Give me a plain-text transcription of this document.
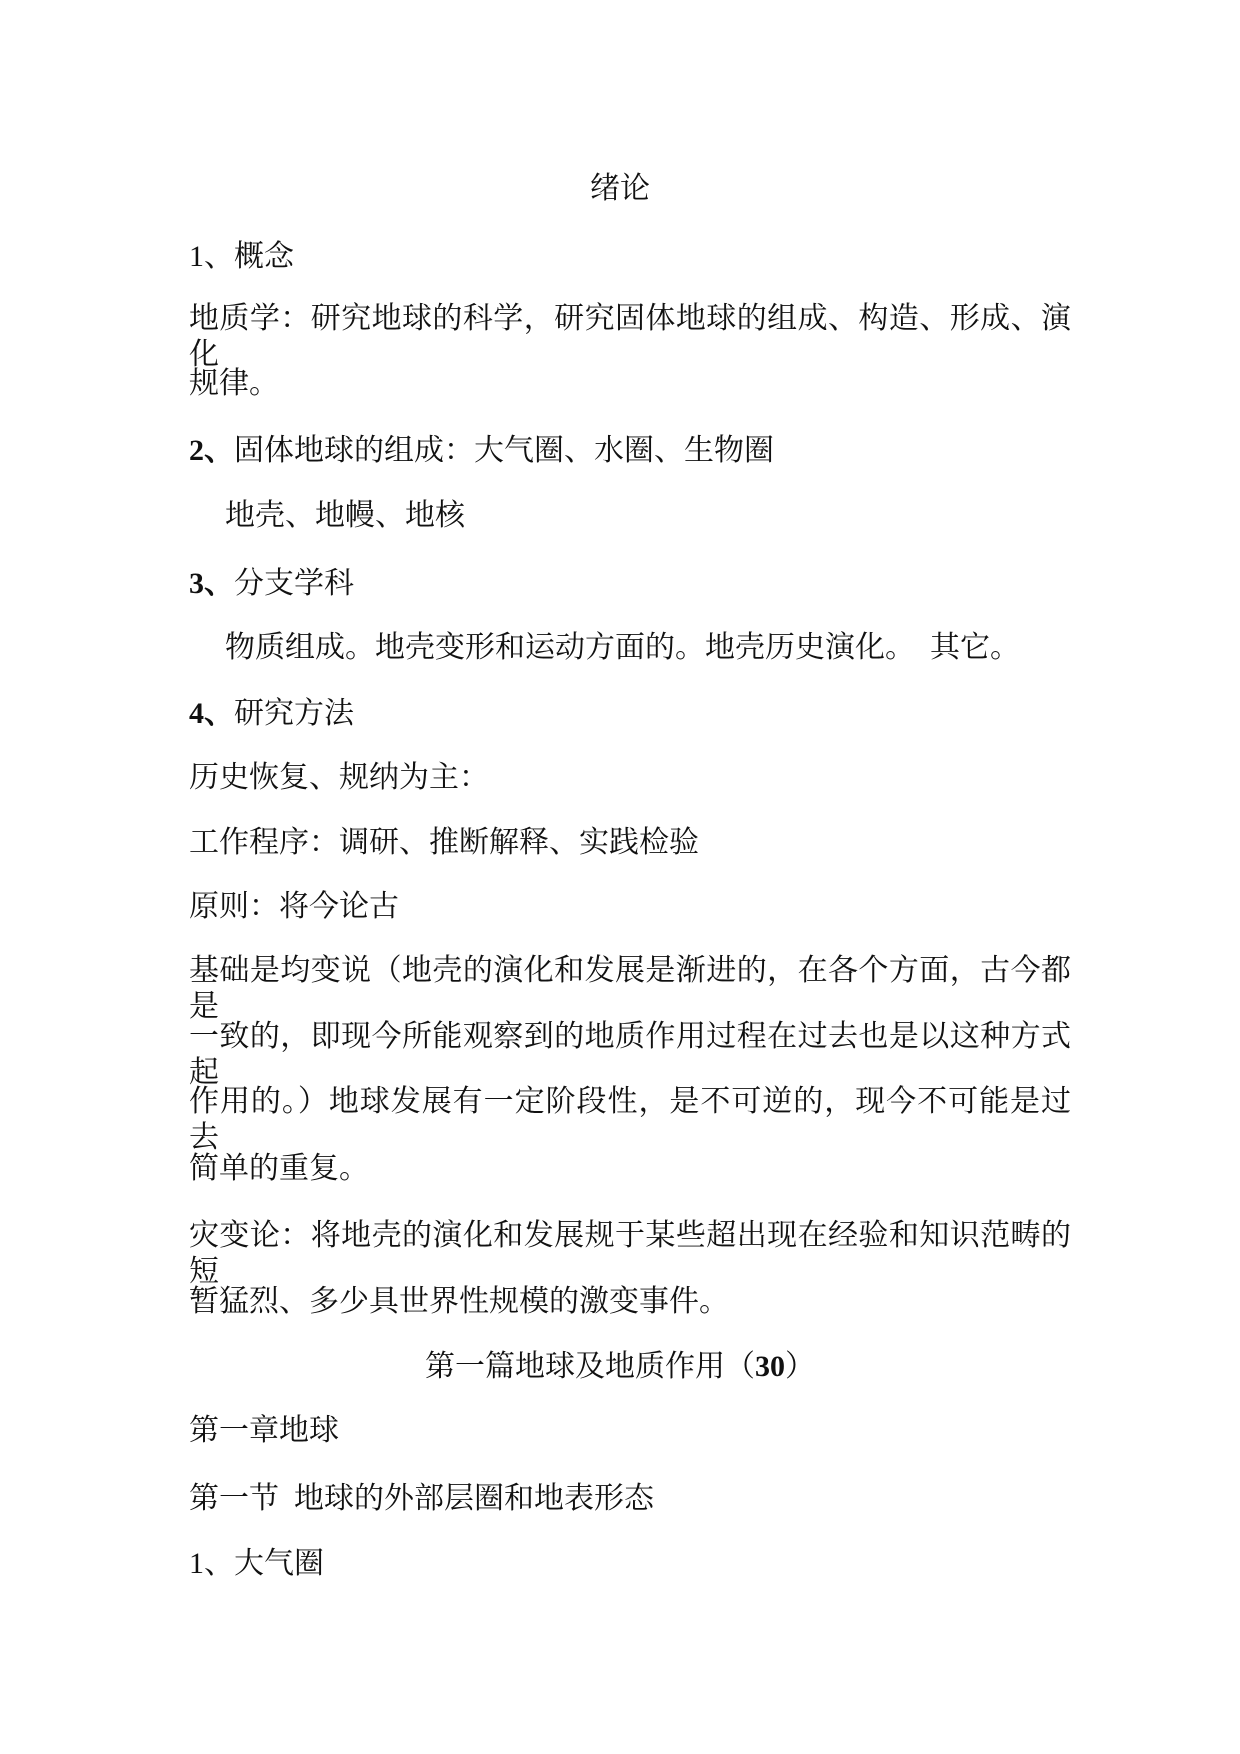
绪论
1、概念
地质学：研究地球的科学，研究固体地球的组成、构造、形成、演化
规律。
2、固体地球的组成：大气圈、水圈、生物圈
地壳、地幔、地核
3、分支学科
物质组成。地壳变形和运动方面的。地壳历史演化。  其它。
4、研究方法
历史恢复、规纳为主：
工作程序：调研、推断解释、实践检验
原则：将今论古
基础是均变说（地壳的演化和发展是渐进的，在各个方面，古今都是
一致的，即现今所能观察到的地质作用过程在过去也是以这种方式起
作用的。）地球发展有一定阶段性，是不可逆的，现今不可能是过去
简单的重复。
灾变论：将地壳的演化和发展规于某些超出现在经验和知识范畴的短
暂猛烈、多少具世界性规模的激变事件。
第一篇地球及地质作用（30）
第一章地球
第一节  地球的外部层圈和地表形态
1、大气圈
